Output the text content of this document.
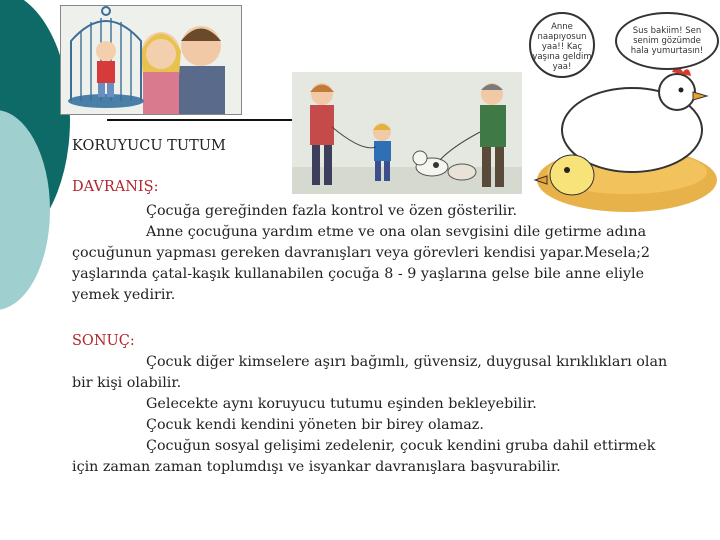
Anne naapıyosun yaa!! Kaç yaşına geldim yaa!
Sus bakiim! Sen senim gözümde hala yumurtasın!
KORUYUCU TUTUM
DAVRANIŞ:
Çocuğa gereğinden fazla kontrol ve özen gösterilir.
Anne çocuğuna yardım etme ve ona olan sevgisini dile getirme adına
çocuğunun yapması gereken davranışları veya görevleri kendisi yapar.Mesela;2
yaşlarında çatal-kaşık kullanabilen çocuğa 8 - 9 yaşlarına gelse bile anne eliyle
yemek yedirir.
SONUÇ:
Çocuk diğer kimselere aşırı bağımlı, güvensiz, duygusal kırıklıkları olan
bir kişi olabilir.
Gelecekte aynı koruyucu tutumu eşinden bekleyebilir.
Çocuk kendi kendini yöneten bir birey olamaz.
Çocuğun sosyal gelişimi zedelenir, çocuk kendini gruba dahil ettirmek
için zaman zaman toplumdışı ve isyankar davranışlara başvurabilir.
